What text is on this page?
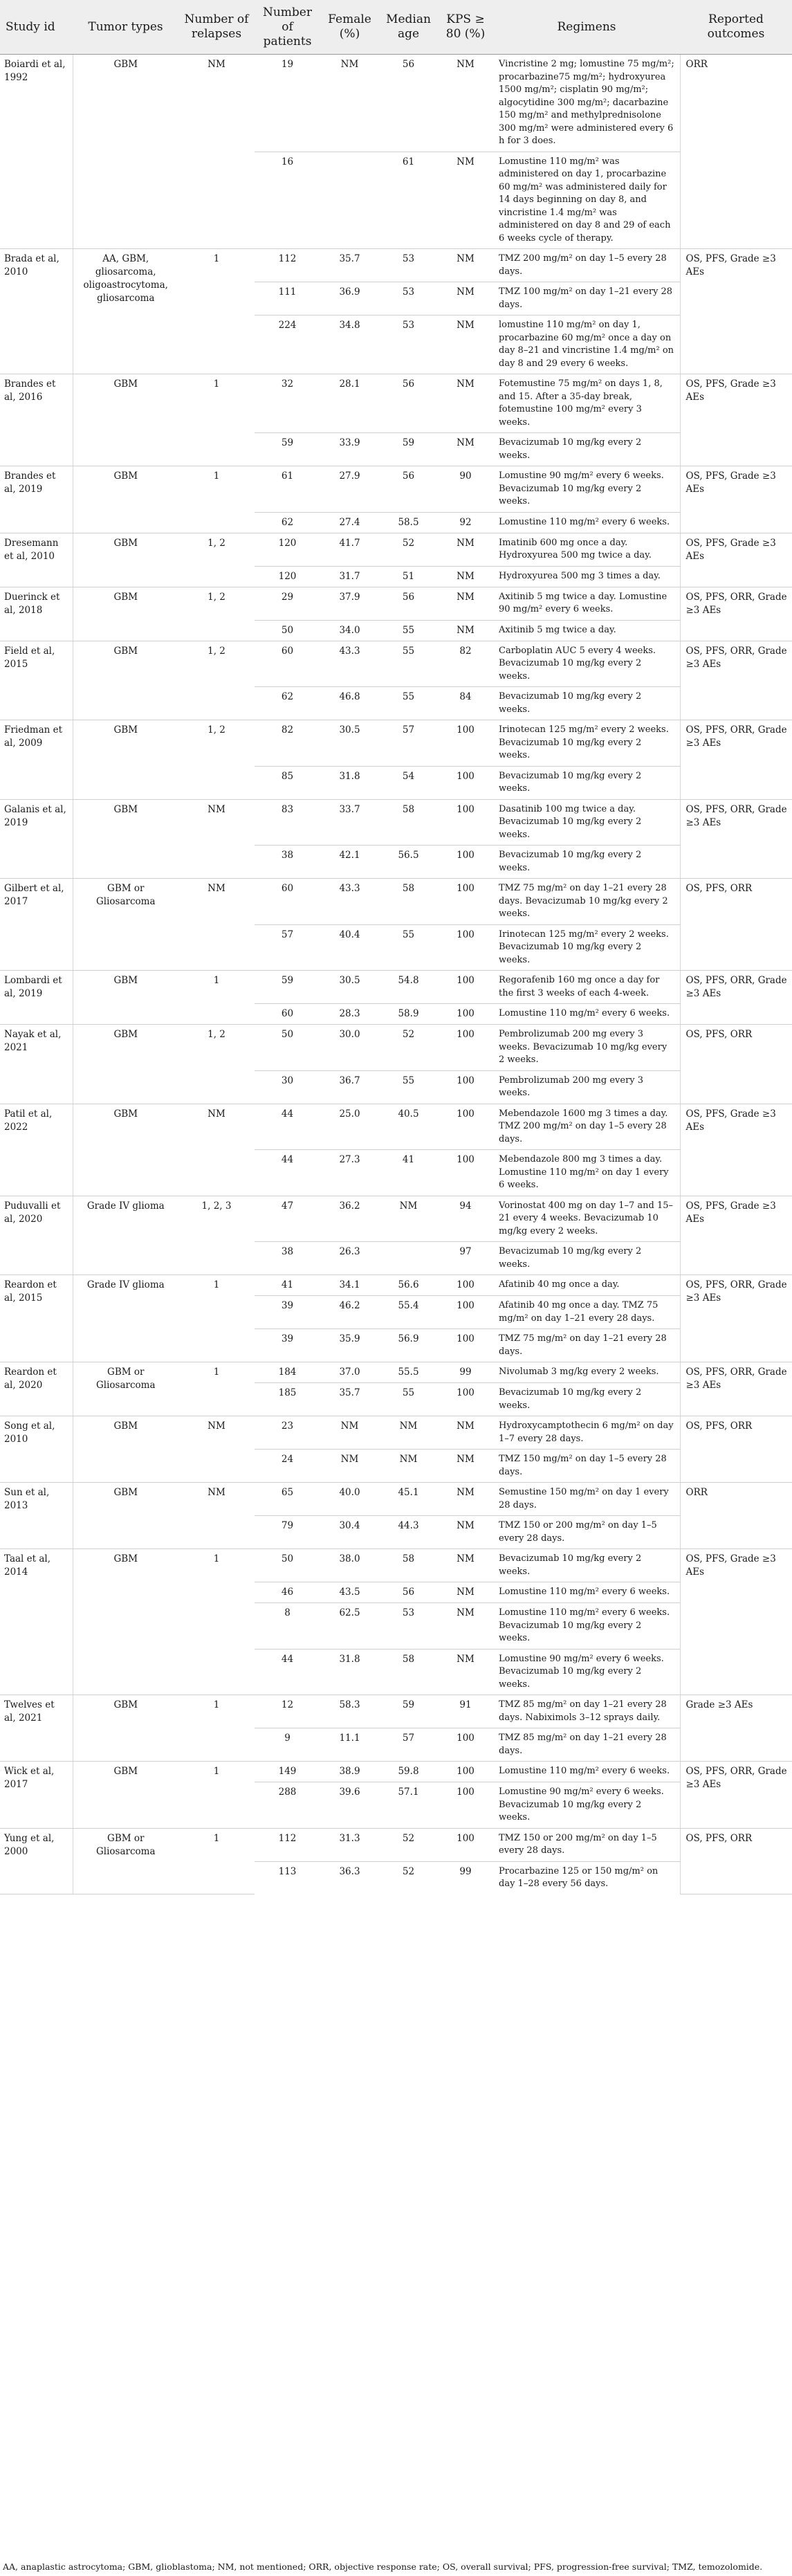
Study id	Tumor types	Number of relapses	Number of patients	Female (%)	Median age	KPS ≥ 80 (%)	Regimens	Reported outcomes
Boiardi et al, 1992	GBM	NM	19	NM	56	NM	Vincristine 2 mg; lomustine 75 mg/m²; procarbazine75 mg/m²; hydroxyurea 1500 mg/m²; cisplatin 90 mg/m²; algocytidine 300 mg/m²; dacarbazine 150 mg/m² and methylprednisolone 300 mg/m² were administered every 6 h for 3 does.	ORR
			16		61	NM	Lomustine 110 mg/m² was administered on day 1, procarbazine 60 mg/m² was administered daily for 14 days beginning on day 8, and vincristine 1.4 mg/m² was administered on day 8 and 29 of each 6 weeks cycle of therapy.	
Brada et al, 2010	AA, GBM, gliosarcoma, oligoastrocytoma, gliosarcoma	1	112	35.7	53	NM	TMZ 200 mg/m² on day 1–5 every 28 days.	OS, PFS, Grade ≥3 AEs
			111	36.9	53	NM	TMZ 100 mg/m² on day 1–21 every 28 days.	
			224	34.8	53	NM	lomustine 110 mg/m² on day 1, procarbazine 60 mg/m² once a day on day 8–21 and vincristine 1.4 mg/m² on day 8 and 29 every 6 weeks.	
Brandes et al, 2016	GBM	1	32	28.1	56	NM	Fotemustine 75 mg/m² on days 1, 8, and 15. After a 35-day break, fotemustine 100 mg/m² every 3 weeks.	OS, PFS, Grade ≥3 AEs
			59	33.9	59	NM	Bevacizumab 10 mg/kg every 2 weeks.	
Brandes et al, 2019	GBM	1	61	27.9	56	90	Lomustine 90 mg/m² every 6 weeks. Bevacizumab 10 mg/kg every 2 weeks.	OS, PFS, Grade ≥3 AEs
			62	27.4	58.5	92	Lomustine 110 mg/m² every 6 weeks.	
Dresemann et al, 2010	GBM	1, 2	120	41.7	52	NM	Imatinib 600 mg once a day. Hydroxyurea 500 mg twice a day.	OS, PFS, Grade ≥3 AEs
			120	31.7	51	NM	Hydroxyurea 500 mg 3 times a day.	
Duerinck et al, 2018	GBM	1, 2	29	37.9	56	NM	Axitinib 5 mg twice a day. Lomustine 90 mg/m² every 6 weeks.	OS, PFS, ORR, Grade ≥3 AEs
			50	34.0	55	NM	Axitinib 5 mg twice a day.	
Field et al, 2015	GBM	1, 2	60	43.3	55	82	Carboplatin AUC 5 every 4 weeks. Bevacizumab 10 mg/kg every 2 weeks.	OS, PFS, ORR, Grade ≥3 AEs
			62	46.8	55	84	Bevacizumab 10 mg/kg every 2 weeks.	
Friedman et al, 2009	GBM	1, 2	82	30.5	57	100	Irinotecan 125 mg/m² every 2 weeks. Bevacizumab 10 mg/kg every 2 weeks.	OS, PFS, ORR, Grade ≥3 AEs
			85	31.8	54	100	Bevacizumab 10 mg/kg every 2 weeks.	
Galanis et al, 2019	GBM	NM	83	33.7	58	100	Dasatinib 100 mg twice a day. Bevacizumab 10 mg/kg every 2 weeks.	OS, PFS, ORR, Grade ≥3 AEs
			38	42.1	56.5	100	Bevacizumab 10 mg/kg every 2 weeks.	
Gilbert et al, 2017	GBM or Gliosarcoma	NM	60	43.3	58	100	TMZ 75 mg/m² on day 1–21 every 28 days. Bevacizumab 10 mg/kg every 2 weeks.	OS, PFS, ORR
			57	40.4	55	100	Irinotecan 125 mg/m² every 2 weeks. Bevacizumab 10 mg/kg every 2 weeks.	
Lombardi et al, 2019	GBM	1	59	30.5	54.8	100	Regorafenib 160 mg once a day for the first 3 weeks of each 4-week.	OS, PFS, ORR, Grade ≥3 AEs
			60	28.3	58.9	100	Lomustine 110 mg/m² every 6 weeks.	
Nayak et al, 2021	GBM	1, 2	50	30.0	52	100	Pembrolizumab 200 mg every 3 weeks. Bevacizumab 10 mg/kg every 2 weeks.	OS, PFS, ORR
			30	36.7	55	100	Pembrolizumab 200 mg every 3 weeks.	
Patil et al, 2022	GBM	NM	44	25.0	40.5	100	Mebendazole 1600 mg 3 times a day. TMZ 200 mg/m² on day 1–5 every 28 days.	OS, PFS, Grade ≥3 AEs
			44	27.3	41	100	Mebendazole 800 mg 3 times a day. Lomustine 110 mg/m² on day 1 every 6 weeks.	
Puduvalli et al, 2020	Grade IV glioma	1, 2, 3	47	36.2	NM	94	Vorinostat 400 mg on day 1–7 and 15–21 every 4 weeks. Bevacizumab 10 mg/kg every 2 weeks.	OS, PFS, Grade ≥3 AEs
			38	26.3		97	Bevacizumab 10 mg/kg every 2 weeks.	
Reardon et al, 2015	Grade IV glioma	1	41	34.1	56.6	100	Afatinib 40 mg once a day.	OS, PFS, ORR, Grade ≥3 AEs
			39	46.2	55.4	100	Afatinib 40 mg once a day. TMZ 75 mg/m² on day 1–21 every 28 days.	
			39	35.9	56.9	100	TMZ 75 mg/m² on day 1–21 every 28 days.	
Reardon et al, 2020	GBM or Gliosarcoma	1	184	37.0	55.5	99	Nivolumab 3 mg/kg every 2 weeks.	OS, PFS, ORR, Grade ≥3 AEs
			185	35.7	55	100	Bevacizumab 10 mg/kg every 2 weeks.	
Song et al, 2010	GBM	NM	23	NM	NM	NM	Hydroxycamptothecin 6 mg/m² on day 1–7 every 28 days.	OS, PFS, ORR
			24	NM	NM	NM	TMZ 150 mg/m² on day 1–5 every 28 days.	
Sun et al, 2013	GBM	NM	65	40.0	45.1	NM	Semustine 150 mg/m² on day 1 every 28 days.	ORR
			79	30.4	44.3	NM	TMZ 150 or 200 mg/m² on day 1–5 every 28 days.	
Taal et al, 2014	GBM	1	50	38.0	58	NM	Bevacizumab 10 mg/kg every 2 weeks.	OS, PFS, Grade ≥3 AEs
			46	43.5	56	NM	Lomustine 110 mg/m² every 6 weeks.	
			8	62.5	53	NM	Lomustine 110 mg/m² every 6 weeks. Bevacizumab 10 mg/kg every 2 weeks.	
			44	31.8	58	NM	Lomustine 90 mg/m² every 6 weeks. Bevacizumab 10 mg/kg every 2 weeks.	
Twelves et al, 2021	GBM	1	12	58.3	59	91	TMZ 85 mg/m² on day 1–21 every 28 days. Nabiximols 3–12 sprays daily.	Grade ≥3 AEs
			9	11.1	57	100	TMZ 85 mg/m² on day 1–21 every 28 days.	
Wick et al, 2017	GBM	1	149	38.9	59.8	100	Lomustine 110 mg/m² every 6 weeks.	OS, PFS, ORR, Grade ≥3 AEs
			288	39.6	57.1	100	Lomustine 90 mg/m² every 6 weeks. Bevacizumab 10 mg/kg every 2 weeks.	
Yung et al, 2000	GBM or Gliosarcoma	1	112	31.3	52	100	TMZ 150 or 200 mg/m² on day 1–5 every 28 days.	OS, PFS, ORR
			113	36.3	52	99	Procarbazine 125 or 150 mg/m² on day 1–28 every 56 days.	
AA, anaplastic astrocytoma; GBM, glioblastoma; NM, not mentioned; ORR, objective response rate; OS, overall survival; PFS, progression-free survival; TMZ, temozolomide.
